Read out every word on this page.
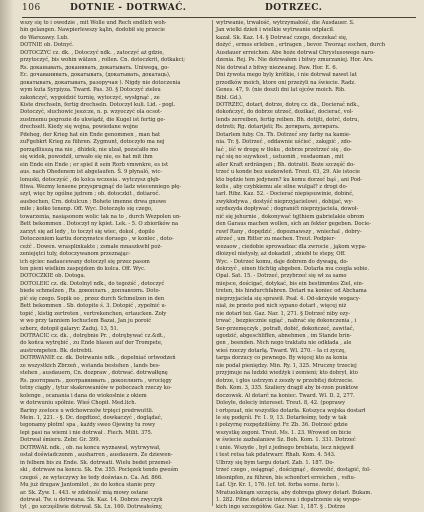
106	DOTNIE - DOTRWAĆ.	DOTRZEC.
wszy się to i owedzie , mit Wolle und Rech endlich woh-
hin gelangen. Nawpierlewszy kąlin, dodobił się przecie
do Warszawy. Lub.
DOTNIE ob. Dotnyć.
DOTOCZYC cz. dk. , Dotoczyć ndk. , zatoczyć aż gdzie,
przytoczyć, bis wohin wälzen , rollen. Cn. dotoczkrit, dotkakci;
Rs. доканывать, доканивать, докатывать. Uniwegą, go-
Ec. дочаванивать, докатывать, (докатывать, докатаць),
докатывать, докатывать, разоручая ). Nigdy nie dotoczenia
wym kuta Syrpiyza. Tward. Pas. 30. § Dotoczyć zieleu
zakończyć, wygoidzić turnię, wytoczyć, wysłgnąć , ze
Kiste drechseln, fertig drechseln. Dotoczył kuli. Lid. - pogl.
Dotoczyć, słuchowic jeszcze, n. p. wzyoczyć ola ocsot-
zustmemu pogrozie do ukwiądź, die Kugel ist fertig ge-
drechselt. Kiedy się wojna, powiedane wojne
Pdeheg, der Krieg hat ein Ende genommen , man hat
zuFgebkrt Krieg zu führen. Zygmunt, dotoczyło ma nej
porządliuszą ma nie , dhidek, nie ulzał, pozsćałlo mo
się widok, powodził, urwało się nie, es hat mit ihm
ein Ende ein Ende ; er spiel it sein Rorb vmwnkre, es ist
aus. nach Ohedenem ist abgelaufen. Š. 9 płynaló, wic-
lonuski, dotoczyść , do kolca wczesia . wytczysz głęb-
fitwa. Wezmy lensene przysprugnąć do ladz wiecenniego płę-
szył, więc by ogólne jędrem ; ob. dotoczkit , dotiaroć.
ausbochen, Crn. dotulcun ; Bohete imenne drwa gnowe
miłe ; kołko tenenp. Off. Wyc. Dotoczęło się czego,
towarzenia, nasiąsonom wolic tak na to , durch Wezpolen un-
Bett bekommen . Dotoczył ny kpiet. Lek. - 5. O zbiorików na
zarzyt się ad ledy , to toczył się wiec, dokol , dopilo
Dotoczeniem kartiu dorzymstce doruego , w konlec , doto-
ceźć . Dowen. wrasplinkakte ; zsmałe mnaszkwhł poż-
zeniejętci tuly, dotoczywanom przeznając-
ich ojciec nadaucewany dotoczył się przez pasom
ten pieni wielkim zaspojdom do kolca. Off. Wyc.
DOTOCZKIE ob. Dotoga.
DOTOLEIC cz. dk. Dotolnyl ndk., do tegożść , dotoczyć
biede schmelzen , Rs. довоплать , доплавлять. Doto-
pić się czego. Sopik oo , przez durch Schmelzen in den
Bett bekommen . Sb. dotopite ś. 3. Dotopić , zypełnić u-
topić , kistig zertreten , vertrekenchen, ertaucken. Zoły
w wo przy tanniem lochuclem Bazai, Jan ju poroić
szherz, dotopił galaryr. Zaduj. 13, 51.
DOTRACIC cz. dk. , dotrębnie Pr. , dotrębywać cz.&dt.,
do końca wytrębić , zu Ende blasen auf der Trompete,
austrompeten. Bk. dotrebti.
DOTRWANIE cz. dk. Dotrwanie ndk. , dopełniać ortwodzeń
ze wszystkich Zbrzeń , wstanda bestehen , lands bes-
stehen , ausdauern, Cn. dozpraw , dotrwać. dotrwałłęnę
Rs. доотпрвать , доотравнивать , докоплнить , wrocięgy
tetny ciągły , tytur skakrowaniów w poboczach rzeczy ko-
kolenge , ocanania i dana do wiokoslnie z okiem
w dotrwuniu spółnie. Wieś Chopił. Med.lich.
Bariny zostoce u wdchowrzolw trpięci predrwuttli.
Mein. 1, 221. - §. Dc. dogdtzeć, dowkaczyć , doglądać,
tegonamy płotm! spa , każdy sweo Ojewiny tu rowy
lepi pasi na wiemi i nie dotrwał . Fiech. Milit. 375.
Dotrwał śmieru. Zebr. Gr. 399.
DOTRWAŁ ndk. , ob. na koncu wyznawał, wytrwywał,
ostał doświadczonm , ausharren , ausdauern. Ze dziewen-
in felbem bis zu Ende. Sk. dotrwati. Wielu bedet przemel-
ski , dotrwaw na koncu. Sk. Ew. 355. Pocięzek tendo gwośm
czegoś , ze wyteczywy ke tedy doświas.n. Ca. Ad. 866.
Mu już drugaw Jantomilot , że do końca stanie przy
ar. Sk. Zyw. 1. 443. w zdolność mią mowy ostane
dotrwał. Tw. u dotrwana. Sk. Kaz. 14. Dobrze zwyczyk
tyl , go szczęśliwie dotrwał. Sk. Lx. 160. Dotrwałeśmy,
wytrwanie, trwałość, wytrzymałość, die Ausdauer. S.
Jan wielki dzień i wielkie wytrwanie odpłacił.
kazał. Sk. Kaz. 14. § Dotrwać czego, doczekać się,
dożyć , ermos erleben , ertragen , bevor. Tworząc eschen, durch
Ausdauer erreichen. Abe hoże dotrwał Chrystusowego naro-
dzenia. Rej. Ps. Nie dotrwałem i bitwy zmurzaniej. Hor. Ars.
Nie dotrwał z bitwy niezwanej. Paw. Hor. E. 6.
Dni żywota mego byly krótkie, i nie dotrwał nawet lat
przodków moich, ktore oni przeżyli na świecie. Radz.
Genes. 47, 9. (nie doszli dni lat ojców moich. Rib.
Bibl. Gd.).
DOTRZEC, dotarł, dotrze, dotrę cz. dk., Docierać ndk.,
dokończyć, do dobrze utrzeć, dozikać, docierać, vol-
lends zerreiben, fertig reiben. Bh. dotijti, dotrć, dotru,
dotreti; Rg. dotarijeti; Rs. дотирать, дотирать.
Dotarlem łuby. Cn. Th. Dotrzeć sny farby na kamie-
nia. Tr. §. Dotrzeć , oddawnie uśćieć , zakępić , zdo-
łać , iść w drogę w tłoku , dobrze przetrzeć się , do-
rąć się no suywkost , ustuoniń , vesdaoman , mit
aller Kraft erdrängen ; Bh. dotratit. Boże szczęść do-
trzeć u konde bez uszkowleń. Treut. 63, 29. Ale istocie
kto będzie tem jedynem? ku komu dorzeć bąś , ani Pod-
kolis , aby czybkiemu ale silne wulgał? z drogi do-
tarł. Ribz. Kaz. 52. - Docierać niepięsuwinie, dobinć,
zwykłodywa , dostyść nieprzyjacielowi , dobijać, wy-
szydszyda dopływać ; dogranićt nieprzyjaciela, dowoł-
nić się jehurnie , dokonywać tęjthiem gabrielakie obrom
den Garaus machen wollen, sich an fekter gegeben. Docie-
ruwf Rany , dopędzić , dopoznawszy , wniechal , dobry-
atrzeć , um Ritter zu machen. Treut. Podpier-
wezaow , ciedobie sprowadzac dla zwrocie , jąkom wypa-
dłoizyel nietysły, aż dokadził , zbiobł te stepy, Off.
Wyc. - Dotrzeć komu, daje dobrem do dywagą, do-
dokrzyć , einen tüchtig abgeben. Dotarła mu czegla sobie.
Opal. Sat. 15. - Dotrzeć, przybrzeć się wł za samo
miejsce, dościgać, dotykać, bis ein bestimmtes Ziel, ein-
treten, bis hindurchfahren. Dotarł na koniec od Abchama
nieprzyjaciela się sprawił. Psał. 4. Od-skrzysłe wogacy-
niał, że przeto pod nich sypano dotarł , więcej niż
nie dotarł też. Gaz. Nar. 1, 271. § Dotrzeć niby ozy-
trwać , bezpiecznie ugiąć , nabrać się dokonczenia , i
Ser-przemęczyk , potrafi, dobić, dokończeć, zawitać,
ugodzić, abgeschliffen, abnehmen , im Stande brin-
gen , beenden. Nich nego traktatu nie odkłada , ale
wieś rzeczy dotarłą. Tward. Wl. 270. - Ia ci zyczę,
targa dorzucy co pewnego. By więcej kto za konia
nie podał pieniędzy. Min. Ry. 1, 325. Mruczny trzeciej
przyjmuje na ludzki wiedźyk i zemieni; kto dobrył, kto
dotrze, i głos ustrzym z zeszły w przebitej dotrzecie.
Boh. Kom. 3, 335. Szaliery dragił aby bi-rzon punktow
doczowsk. Al dotarć na koniec. Tward. Wl. D. 2, 277.
Doleyłe, doleciy intereset. Treut. 8, 42. (poprawy
i ortęeuat, nie wszystko dotarła. Kotszyca wojska dostarł
le się podęrśi. Fr. 1. 9, 13. Dotarłeśmy, tedy w tak
i polzyrnę rozpędziliśmy. Fr. Zb. 36. Dotrzeć gdzie
wszystkę zegoni. Treut. Ms. 1. 23. Wrowed on bicie
w świecie zazbalaniew Sz. Boh. Kom. 1. 331. Dotrzeć
i unie. Wszyde , był z jednego brebiatu, lecz niejęwił
i test retsa tak pdatrwarr. Rhab. Kom. 4. 543.
Ulbrzy się bym targu dotarł. Zab. 1. 187. Do-
trzeć czego , osiągnąć , doścignąć , dozwolić, dostąpić, fol-
ldesnipfen, zu führen, bis schonfort erreichen , vsfiu-
Laf. Ujr. Kr. 1, 176. (cf. tot. forba sorne. ferio ).
Mratuoloknąm szczęcia, aby dobrega głowy dotarł. Bukam.
1. 282. Pilne dotarcie interesu i dopatrzenie się wyspo-
kich ingo szczegółów. Gaz. Nar. 1, 187. § . Dotrze
